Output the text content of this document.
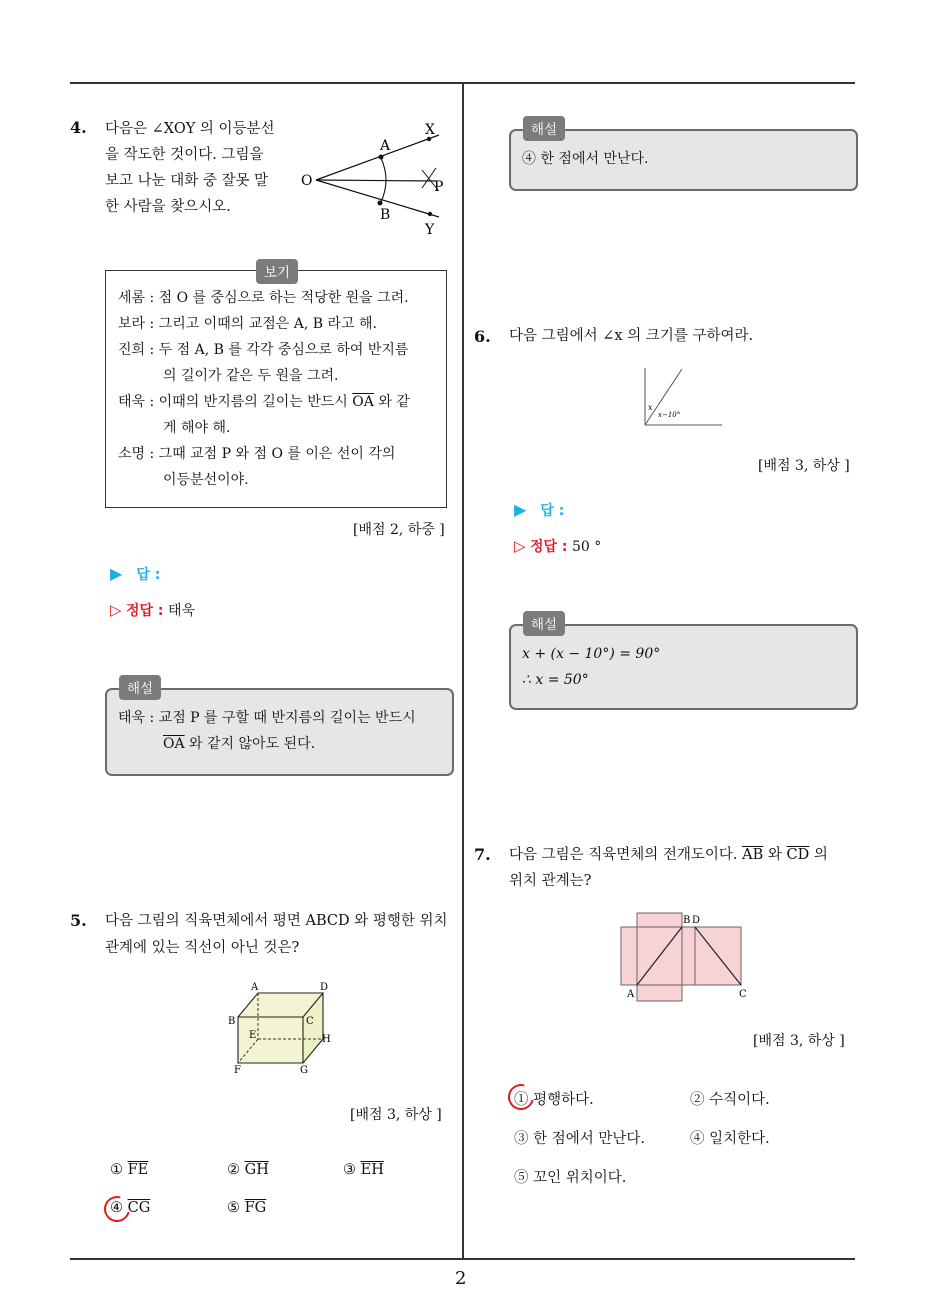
2
4. 다음은 ∠XOY 의 이등분선
을 작도한 것이다. 그림을
보고 나눈 대화 중 잘못 말
한 사람을 찾으시오.
X
A
O	P
B
Y
보기
세롬 : 점 O 를 중심으로 하는 적당한 원을 그려.
보라 : 그리고 이때의 교점은 A, B 라고 해.
진희 : 두 점 A, B 를 각각 중심으로 하여 반지름
의 길이가 같은 두 원을 그려.
태욱 : 이때의 반지름의 길이는 반드시 $\overline{OA}$ 와 같
게 해야 해.
소명 : 그때 교점 P 와 점 O 를 이은 선이 각의
이등분선이야.
[배점 2, 하중 ]
▶ 답 :
▷ 정답 : 태욱
해설
태욱 : 교점 P 를 구할 때 반지름의 길이는 반드시
$\overline{OA}$ 와 같지 않아도 된다.
5. 다음 그림의 직육면체에서 평면 ABCD 와 평행한 위치
관계에 있는 직선이 아닌 것은?
A	D
B	C
E	H
F	G
[배점 3, 하상 ]
① $\overline{FE}$	② $\overline{GH}$	③ $\overline{EH}$
④ $\overline{CG}$	⑤ $\overline{FG}$
해설
④ 한 점에서 만난다.
6. 다음 그림에서 ∠x 의 크기를 구하여라.
x
x−10°
[배점 3, 하상 ]
▶ 답 :
▷ 정답 : 50 °
해설
x + (x − 10°) = 90°
∴ x = 50°
7. 다음 그림은 직육면체의 전개도이다. $\overline{AB}$ 와 $\overline{CD}$ 의
위치 관계는?
A
B D
C
[배점 3, 하상 ]
① 평행하다.	② 수직이다.
③ 한 점에서 만난다.	④ 일치한다.
⑤ 꼬인 위치이다.
